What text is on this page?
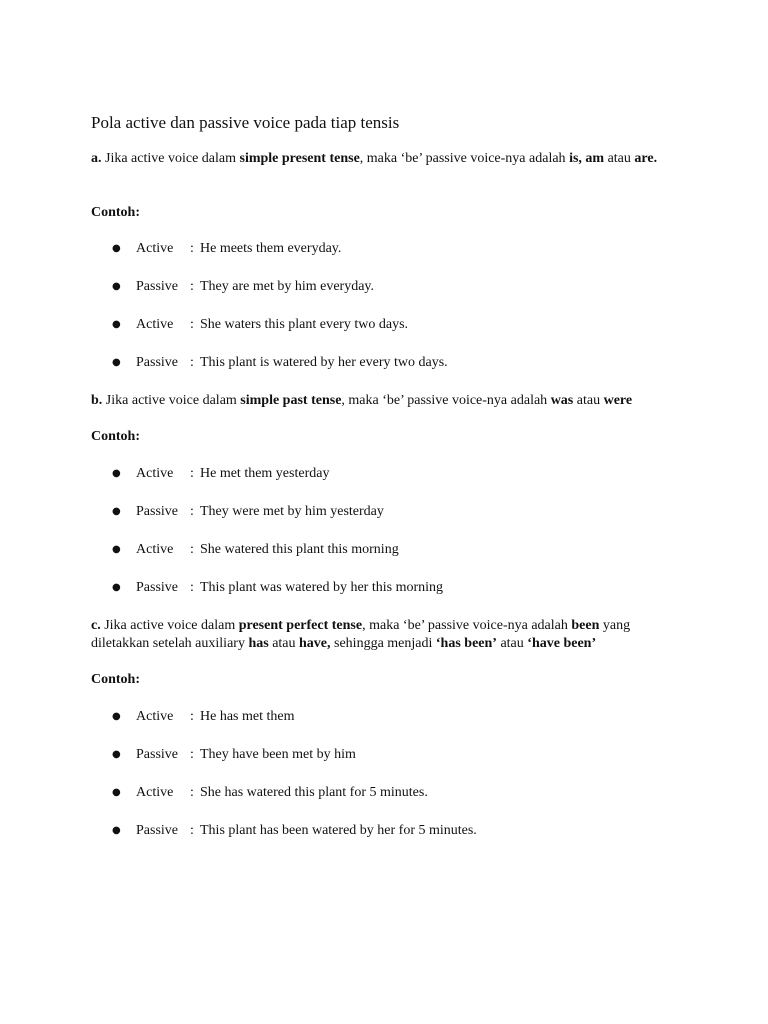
Pola active dan passive voice pada tiap tensis
a. Jika active voice dalam simple present tense, maka ‘be’ passive voice-nya adalah is, am atau are.
Contoh:
●	Active	: He meets them everyday.
●	Passive : They are met by him everyday.
●	Active	: She waters this plant every two days.
●	Passive : This plant is watered by her every two days.
b. Jika active voice dalam simple past tense, maka ‘be’ passive voice-nya adalah was atau were
Contoh:
●	Active	: He met them yesterday
●	Passive : They were met by him yesterday
●	Active	: She watered this plant this morning
●	Passive : This plant was watered by her this morning
c. Jika active voice dalam present perfect tense, maka ‘be’ passive voice-nya adalah been yang diletakkan setelah auxiliary has atau have, sehingga menjadi ‘has been’ atau ‘have been’
Contoh:
●	Active	: He has met them
●	Passive : They have been met by him
●	Active	: She has watered this plant for 5 minutes.
●	Passive : This plant has been watered by her for 5 minutes.
